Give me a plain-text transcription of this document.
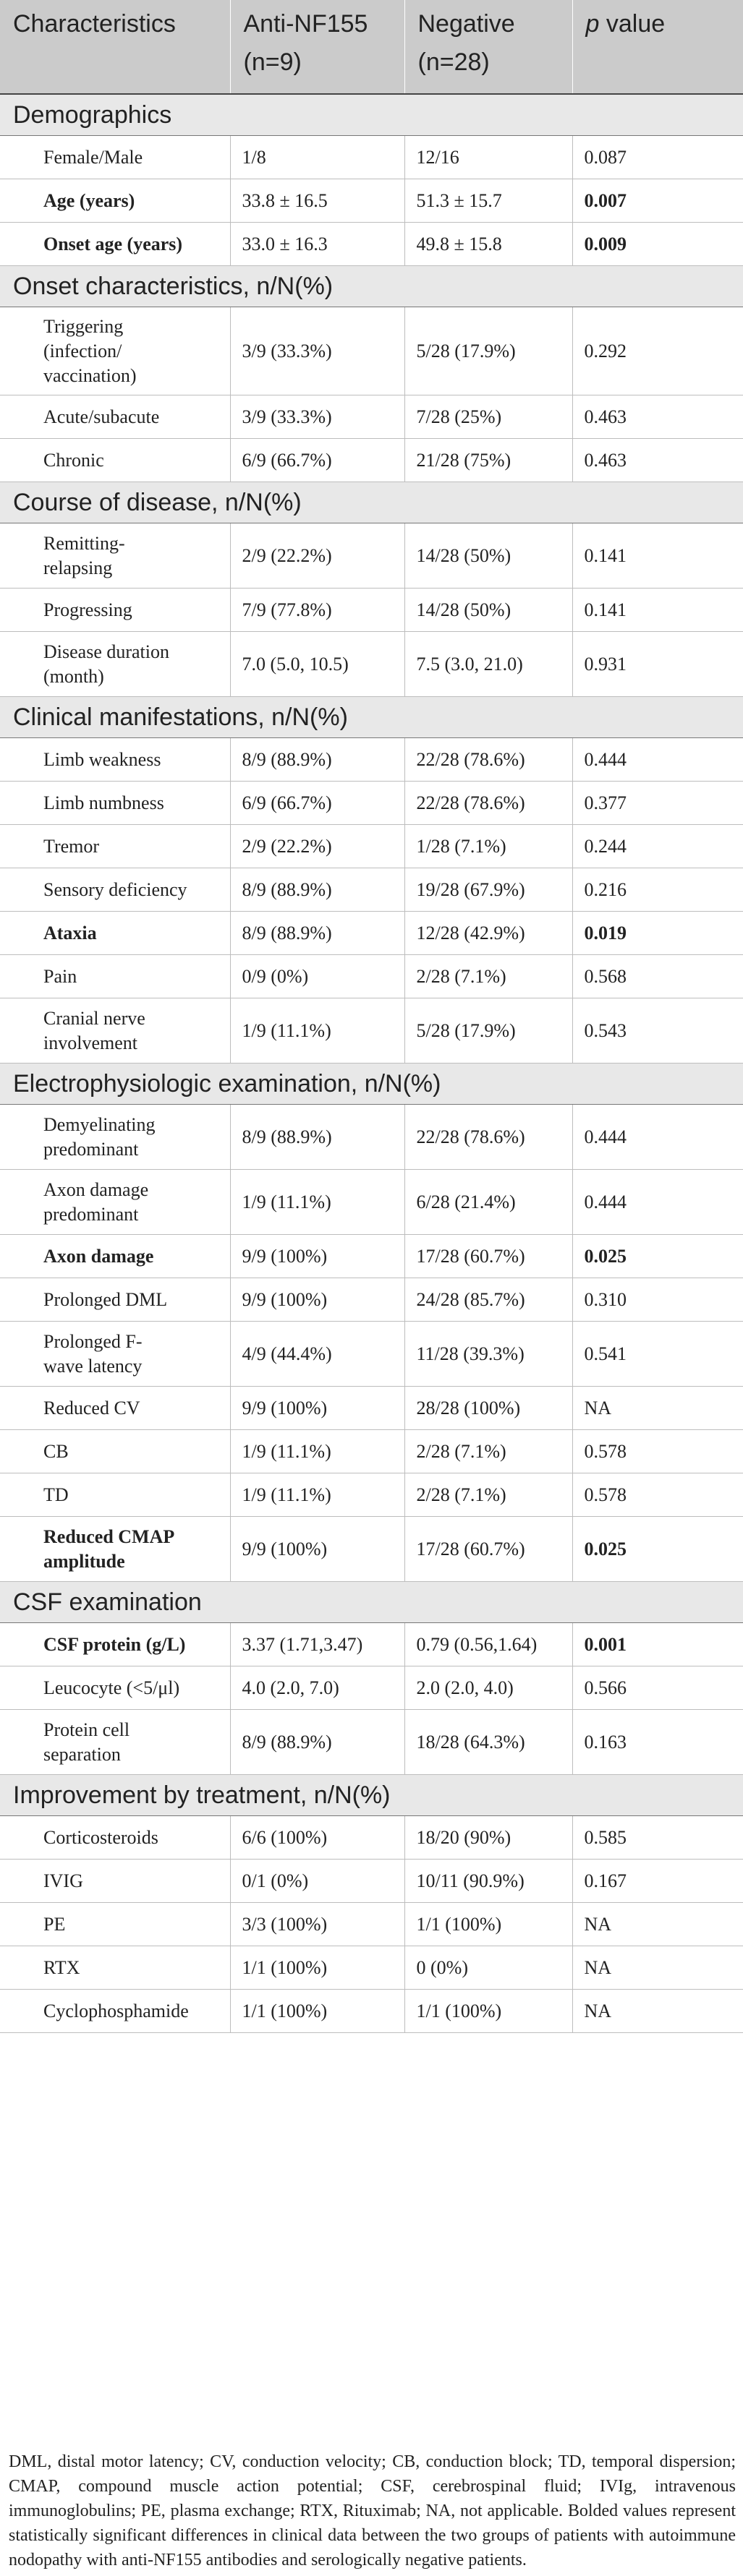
Characteristics	Anti-NF155	Negative	p value
	(n=9)	(n=28)	
Demographics			
Female/Male	1/8	12/16	0.087
Age (years)	33.8 ± 16.5	51.3 ± 15.7	0.007
Onset age (years)	33.0 ± 16.3	49.8 ± 15.8	0.009
Onset characteristics, n/N(%)			

Triggering (infection/ vaccination)	3/9 (33.3%)	5/28 (17.9%)	0.292
Acute/subacute	3/9 (33.3%)	7/28 (25%)	0.463
Chronic	6/9 (66.7%)	21/28 (75%)	0.463
Course of disease, n/N(%)			

Remitting- relapsing	2/9 (22.2%)	14/28 (50%)	0.141
Progressing	7/9 (77.8%)	14/28 (50%)	0.141

Disease duration (month)	7.0 (5.0, 10.5)	7.5 (3.0, 21.0)	0.931
Clinical manifestations, n/N(%)			
Limb weakness	8/9 (88.9%)	22/28 (78.6%)	0.444
Limb numbness	6/9 (66.7%)	22/28 (78.6%)	0.377
Tremor	2/9 (22.2%)	1/28 (7.1%)	0.244
Sensory deficiency	8/9 (88.9%)	19/28 (67.9%)	0.216
Ataxia	8/9 (88.9%)	12/28 (42.9%)	0.019
Pain	0/9 (0%)	2/28 (7.1%)	0.568

Cranial nerve involvement	1/9 (11.1%)	5/28 (17.9%)	0.543
Electrophysiologic examination, n/N(%)			

Demyelinating predominant	8/9 (88.9%)	22/28 (78.6%)	0.444

Axon damage predominant	1/9 (11.1%)	6/28 (21.4%)	0.444
Axon damage	9/9 (100%)	17/28 (60.7%)	0.025
Prolonged DML	9/9 (100%)	24/28 (85.7%)	0.310

Prolonged F- wave latency	4/9 (44.4%)	11/28 (39.3%)	0.541
Reduced CV	9/9 (100%)	28/28 (100%)	NA
CB	1/9 (11.1%)	2/28 (7.1%)	0.578
TD	1/9 (11.1%)	2/28 (7.1%)	0.578

Reduced CMAP amplitude	9/9 (100%)	17/28 (60.7%)	0.025
CSF examination			
CSF protein (g/L)	3.37 (1.71,3.47)	0.79 (0.56,1.64)	0.001
Leucocyte (<5/μl)	4.0 (2.0, 7.0)	2.0 (2.0, 4.0)	0.566

Protein cell separation	8/9 (88.9%)	18/28 (64.3%)	0.163
Improvement by treatment, n/N(%)			
Corticosteroids	6/6 (100%)	18/20 (90%)	0.585
IVIG	0/1 (0%)	10/11 (90.9%)	0.167
PE	3/3 (100%)	1/1 (100%)	NA
RTX	1/1 (100%)	0 (0%)	NA
Cyclophosphamide	1/1 (100%)	1/1 (100%)	NA
DML, distal motor latency; CV, conduction velocity; CB, conduction block; TD, temporal dispersion; CMAP, compound muscle action potential; CSF, cerebrospinal fluid; IVIg, intravenous immunoglobulins; PE, plasma exchange; RTX, Rituximab; NA, not applicable. Bolded values represent statistically significant differences in clinical data between the two groups of patients with autoimmune nodopathy with anti-NF155 antibodies and serologically negative patients.
